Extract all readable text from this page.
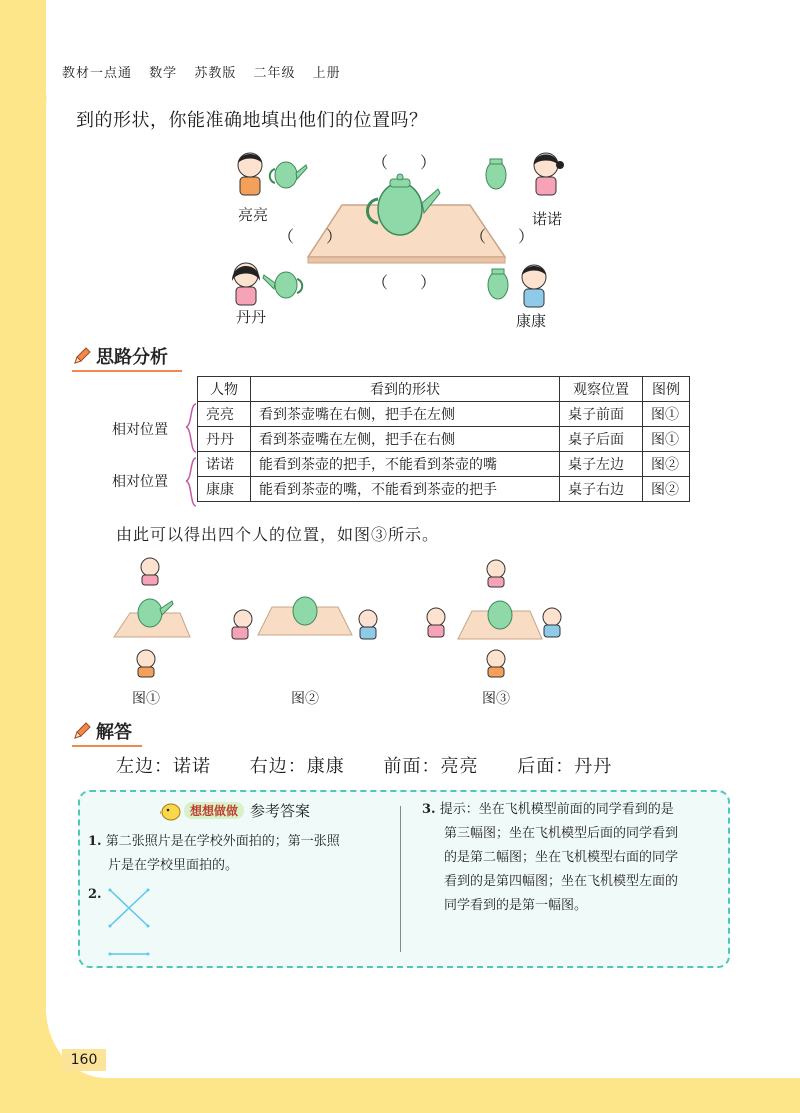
教材一点通 数学 苏教版 二年级 上册
到的形状，你能准确地填出他们的位置吗？
（　　）
（　　）	（　　）
（　　）
亮亮	诺诺
丹丹	康康
思路分析
人物	看到的形状	观察位置	图例
亮亮	看到茶壶嘴在右侧，把手在左侧	桌子前面	图①
丹丹	看到茶壶嘴在左侧，把手在右侧	桌子后面	图①
诺诺	能看到茶壶的把手，不能看到茶壶的嘴	桌子左边	图②
康康	能看到茶壶的嘴，不能看到茶壶的把手	桌子右边	图②
相对位置
相对位置
由此可以得出四个人的位置，如图③所示。
图①	图②	图③
解答
左边：诺诺 右边：康康 前面：亮亮 后面：丹丹
想想做做 参考答案
1. 第二张照片是在学校外面拍的；第一张照
片是在学校里面拍的。
2.
3. 提示：坐在飞机模型前面的同学看到的是
第三幅图；坐在飞机模型后面的同学看到
的是第二幅图；坐在飞机模型右面的同学
看到的是第四幅图；坐在飞机模型左面的
同学看到的是第一幅图。
160
